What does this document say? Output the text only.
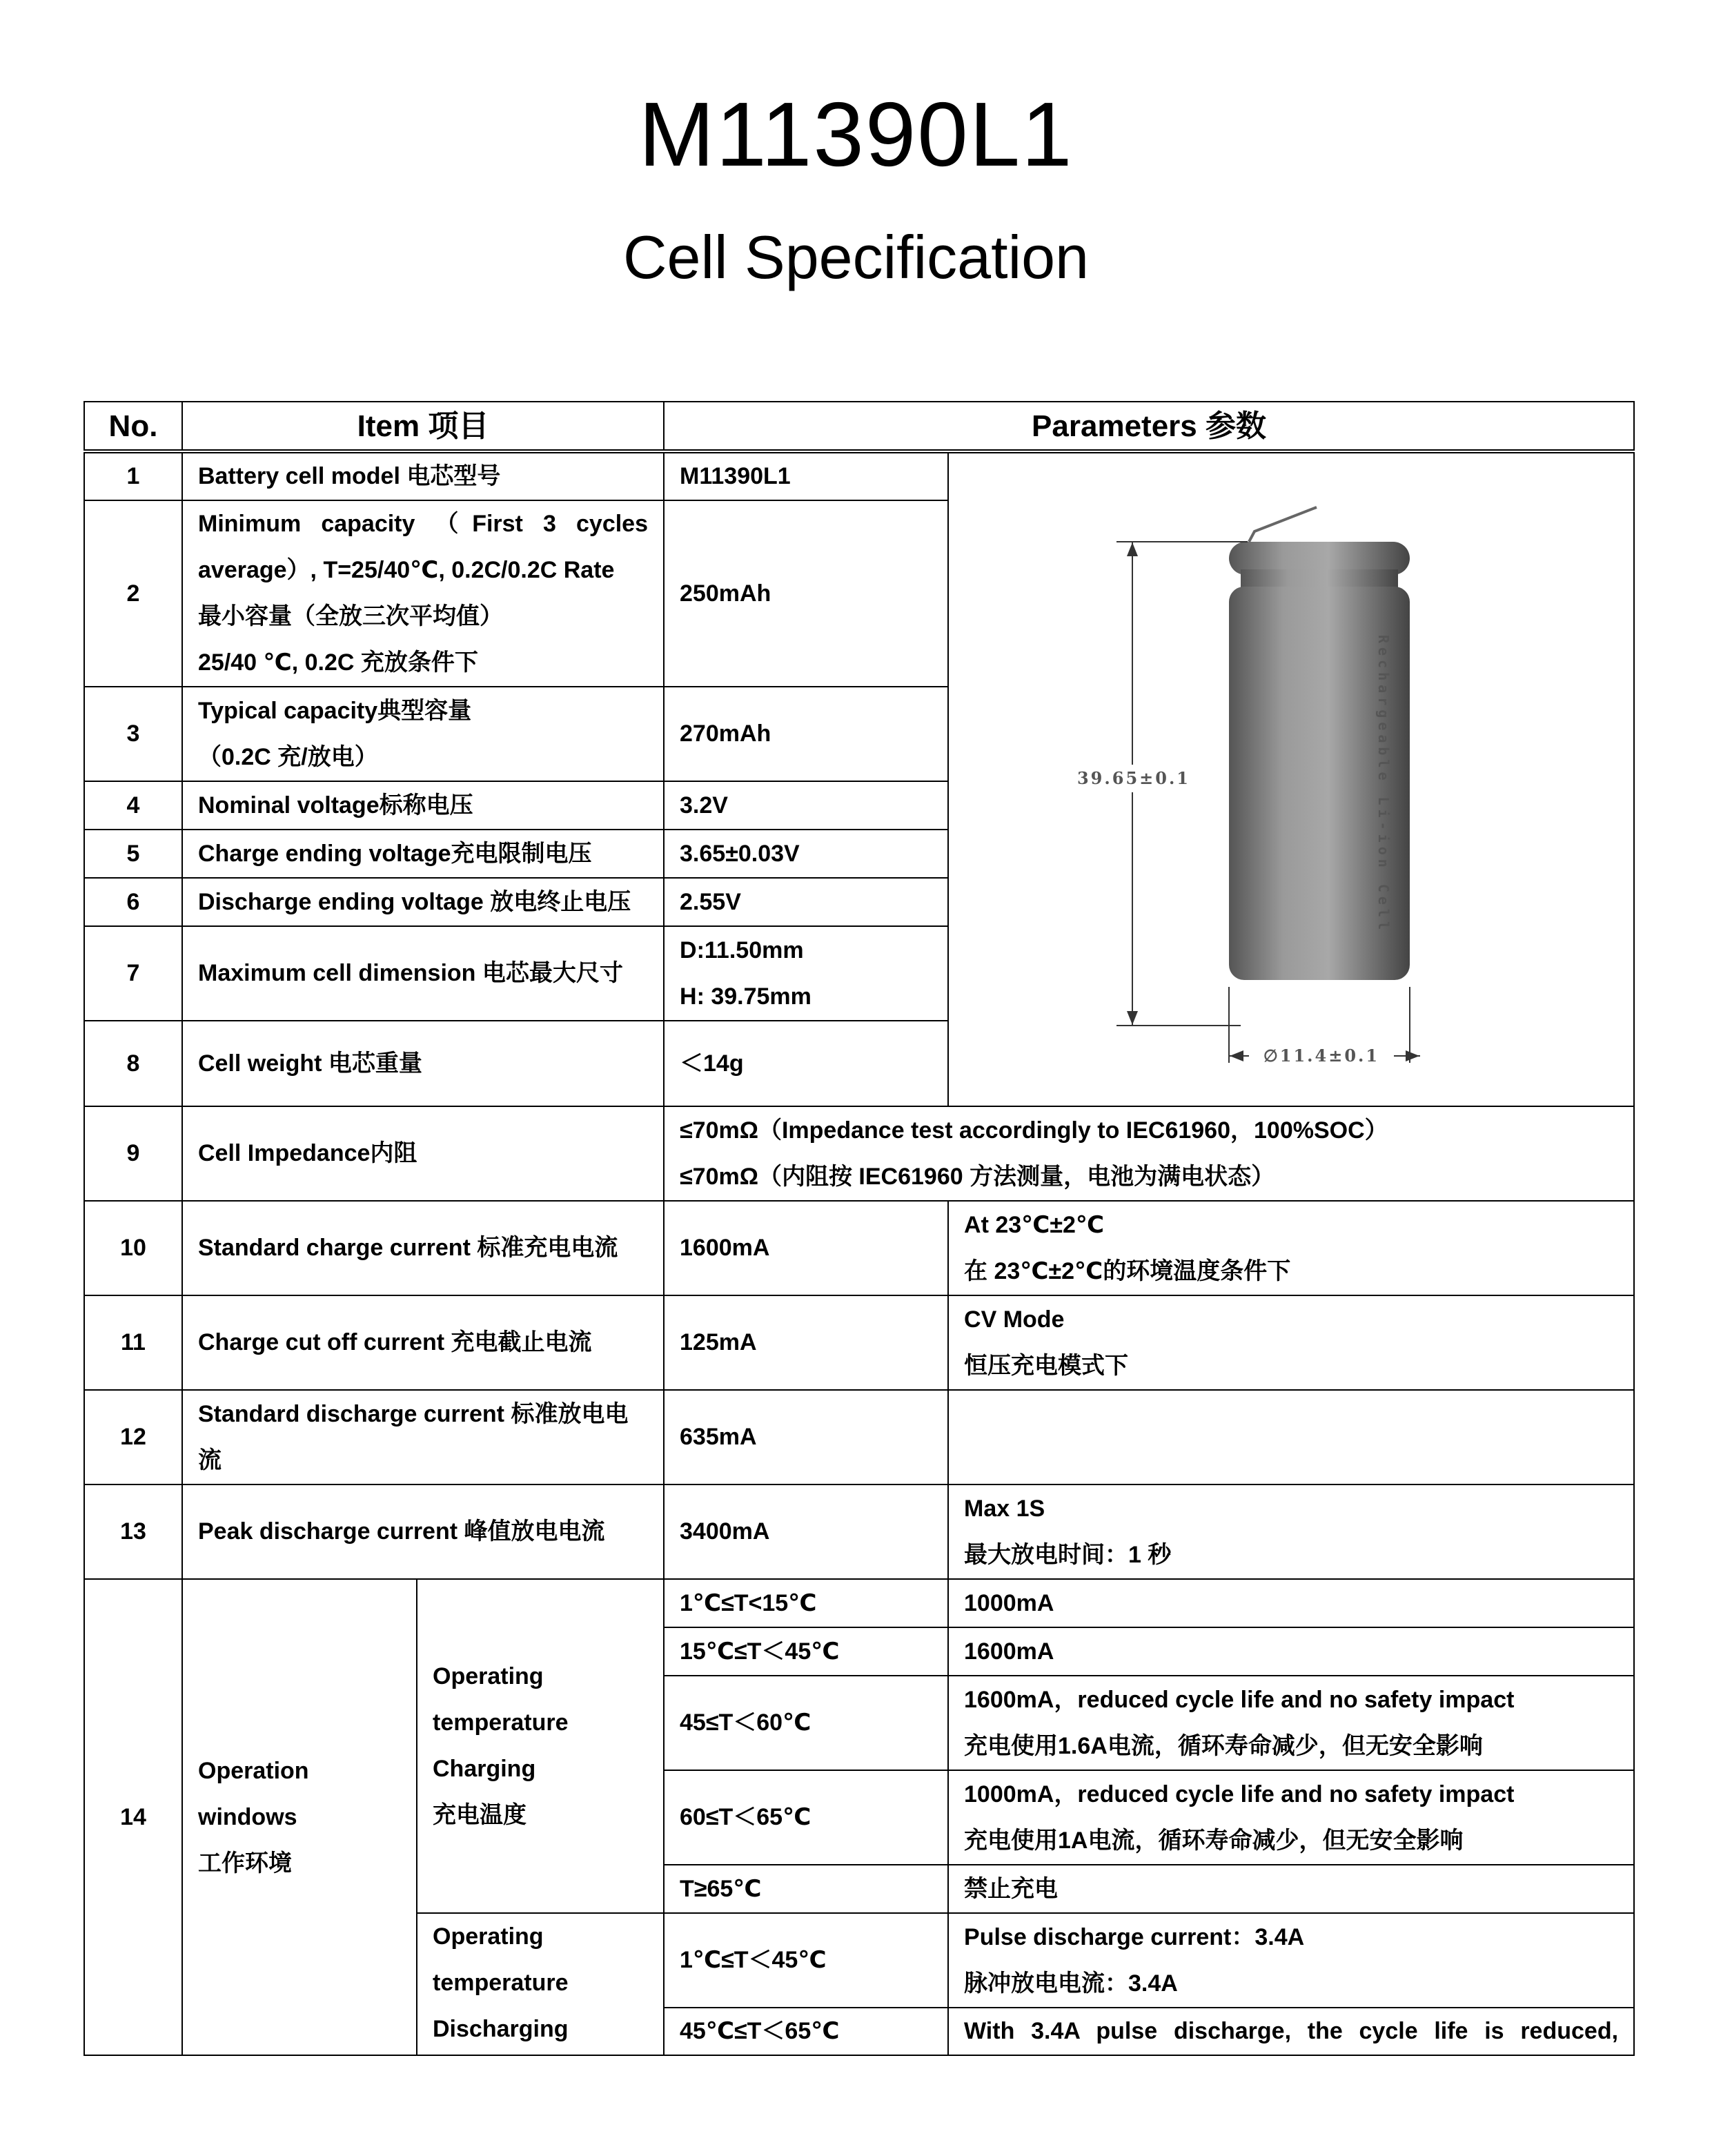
M11390L1
Cell Specification
No.	Item 项目		Parameters 参数	
1	Battery cell model 电芯型号		M11390L1	Rechargeable Li-ion Cell
39.65±0.1
∅11.4±0.1

2	Minimum capacity （First 3 cycles average）, T=25/40℃, 0.2C/0.2C Rate
最小容量（全放三次平均值）
25/40 ℃, 0.2C 充放条件下		250mAh	
3	Typical capacity典型容量
（0.2C 充/放电）		270mAh	
4	Nominal voltage标称电压		3.2V	
5	Charge ending voltage充电限制电压		3.65±0.03V	
6	Discharge ending voltage 放电终止电压		2.55V	
7	Maximum cell dimension 电芯最大尺寸		D:11.50mm
H: 39.75mm	
8	Cell weight 电芯重量		＜14g	
9	Cell Impedance内阻		≤70mΩ（Impedance test accordingly to IEC61960，100%SOC）
≤70mΩ（内阻按 IEC61960 方法测量，电池为满电状态）	
10	Standard charge current 标准充电电流		1600mA	At 23℃±2℃
在 23℃±2℃的环境温度条件下
11	Charge cut off current 充电截止电流		125mA	CV Mode
恒压充电模式下
12	Standard discharge current 标准放电电流		635mA	
13	Peak discharge current 峰值放电电流		3400mA	Max 1S
最大放电时间：1 秒
14	Operation
windows
工作环境	Operating
temperature
Charging
充电温度	1℃≤T<15℃	1000mA
			15℃≤T＜45℃	1600mA
			45≤T＜60℃	1600mA，reduced cycle life and no safety impact
充电使用1.6A电流，循环寿命减少，但无安全影响
			60≤T＜65℃	1000mA，reduced cycle life and no safety impact
充电使用1A电流，循环寿命减少，但无安全影响
			T≥65℃	禁止充电
		Operating
temperature
Discharging	1℃≤T＜45℃	Pulse discharge current：3.4A
脉冲放电电流：3.4A
			45℃≤T＜65℃	With 3.4A pulse discharge, the cycle life is reduced,
